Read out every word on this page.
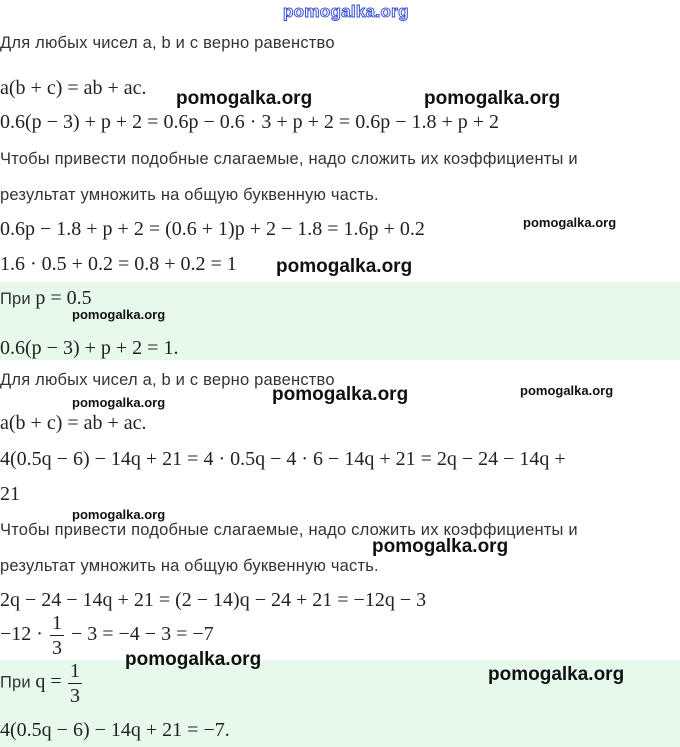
pomogalka.org
Для любых чисел a, b и c верно равенство
a(b + c) = ab + ac.
0.6(p − 3) + p + 2 = 0.6p − 0.6 · 3 + p + 2 = 0.6p − 1.8 + p + 2
Чтобы привести подобные слагаемые, надо сложить их коэффициенты и
результат умножить на общую буквенную часть.
0.6p − 1.8 + p + 2 = (0.6 + 1)p + 2 − 1.8 = 1.6p + 0.2
1.6 · 0.5 + 0.2 = 0.8 + 0.2 = 1
При p = 0.5
0.6(p − 3) + p + 2 = 1.
Для любых чисел a, b и c верно равенство
a(b + c) = ab + ac.
4(0.5q − 6) − 14q + 21 = 4 · 0.5q − 4 · 6 − 14q + 21 = 2q − 24 − 14q +
21
Чтобы привести подобные слагаемые, надо сложить их коэффициенты и
результат умножить на общую буквенную часть.
2q − 24 − 14q + 21 = (2 − 14)q − 24 + 21 = −12q − 3
$-12 \cdot \frac{1}{3} - 3 = -4 - 3 = -7$
При $q = \frac{1}{3}$
4(0.5q − 6) − 14q + 21 = −7.
pomogalka.org	pomogalka.org
pomogalka.org
pomogalka.org
pomogalka.org
pomogalka.org	pomogalka.org
pomogalka.org
pomogalka.org
pomogalka.org
pomogalka.org
pomogalka.org
